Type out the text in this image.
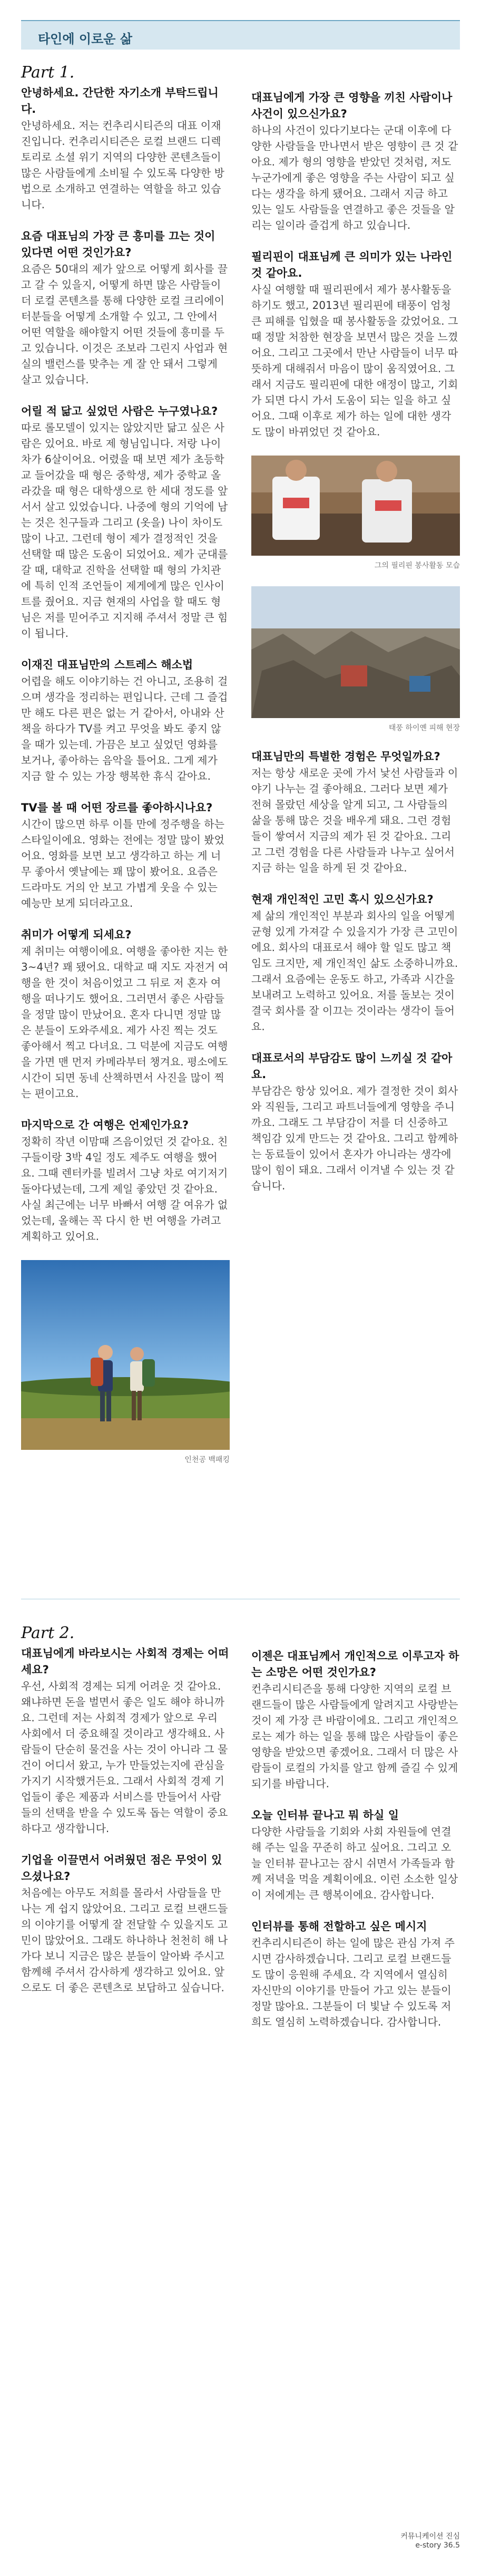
타인에 이로운 삶

Part 1.

안녕하세요. 간단한 자기소개 부탁드립니다.

안녕하세요. 저는 컨추리시티즌의 대표 이재진입니다. 컨추리시티즌은 로컬 브랜드 디렉토리로 소셜 위기 지역의 다양한 콘텐츠들이 많은 사람들에게 소비될 수 있도록 다양한 방법으로 소개하고 연결하는 역할을 하고 있습니다.

요즘 대표님의 가장 큰 흥미를 끄는 것이 있다면 어떤 것인가요?

요즘은 50대의 제가 앞으로 어떻게 회사를 끌고 갈 수 있을지, 어떻게 하면 많은 사람들이 더 로컬 콘텐츠를 통해 다양한 로컬 크리에이터분들을 어떻게 소개할 수 있고, 그 안에서 어떤 역할을 해야할지 어떤 것들에 흥미를 두고 있습니다. 이것은 조보라 그린지 사업과 현실의 밸런스를 맞추는 게 잘 안 돼서 그렇게 살고 있습니다.

어릴 적 닮고 싶었던 사람은 누구였나요?

따로 롤모델이 있지는 않았지만 닮고 싶은 사람은 있어요. 바로 제 형님입니다. 저랑 나이차가 6살이어요. 어렸을 때 보면 제가 초등학교 들어갔을 때 형은 중학생, 제가 중학교 올라갔을 때 형은 대학생으로 한 세대 정도를 앞서서 살고 있었습니다. 나중에 형의 기억에 남는 것은 친구들과 그리고 (옷을) 나이 차이도 많이 나고. 그런데 형이 제가 결정적인 것을 선택할 때 많은 도움이 되었어요. 제가 군대를 갈 때, 대학교 진학을 선택할 때 형의 가치관에 특히 인적 조언들이 제게에게 많은 인사이트를 줬어요. 지금 현재의 사업을 할 때도 형님은 저를 믿어주고 지지해 주셔서 정말 큰 힘이 됩니다.

이재진 대표님만의 스트레스 해소법

어렵을 해도 이야기하는 건 아니고, 조용히 걸으며 생각을 정리하는 편입니다. 근데 그 즐겁 만 해도 다른 편은 없는 거 같아서, 아내와 산책을 하다가 TV를 켜고 무엇을 봐도 좋지 않을 때가 있는데. 가끔은 보고 싶었던 영화를 보거나, 좋아하는 음악을 틀어요. 그게 제가 지금 할 수 있는 가장 행복한 휴식 같아요.

TV를 볼 때 어떤 장르를 좋아하시나요?

시간이 많으면 하루 이틀 만에 정주행을 하는 스타일이에요. 영화는 전에는 정말 많이 봤었어요. 영화를 보면 보고 생각하고 하는 게 너무 좋아서 옛날에는 꽤 많이 봤어요. 요즘은 드라마도 거의 안 보고 가볍게 웃을 수 있는 예능만 보게 되더라고요.

취미가 어떻게 되세요?

제 취미는 여행이에요. 여행을 좋아한 지는 한 3~4년? 꽤 됐어요. 대학교 때 지도 자전거 여행을 한 것이 처음이었고 그 뒤로 저 혼자 여행을 떠나기도 했어요. 그러면서 좋은 사람들을 정말 많이 만났어요. 혼자 다니면 정말 많은 분들이 도와주세요. 제가 사진 찍는 것도 좋아해서 찍고 다녀요. 그 덕분에 지금도 여행을 가면 맨 먼저 카메라부터 챙겨요. 평소에도 시간이 되면 동네 산책하면서 사진을 많이 찍는 편이고요.

마지막으로 간 여행은 언제인가요?

정확히 작년 이맘때 즈음이었던 것 같아요. 친구들이랑 3박 4일 정도 제주도 여행을 했어요. 그때 렌터카를 빌려서 그냥 차로 여기저기 돌아다녔는데, 그게 제일 좋았던 것 같아요. 사실 최근에는 너무 바빠서 여행 갈 여유가 없었는데, 올해는 꼭 다시 한 번 여행을 가려고 계획하고 있어요.

인천공 백패킹

대표님에게 가장 큰 영향을 끼친 사람이나 사건이 있으신가요?

하나의 사건이 있다기보다는 군대 이후에 다양한 사람들을 만나면서 받은 영향이 큰 것 같아요. 제가 형의 영향을 받았던 것처럼, 저도 누군가에게 좋은 영향을 주는 사람이 되고 싶다는 생각을 하게 됐어요. 그래서 지금 하고 있는 일도 사람들을 연결하고 좋은 것들을 알리는 일이라 즐겁게 하고 있습니다.

필리핀이 대표님께 큰 의미가 있는 나라인 것 같아요.

사실 여행할 때 필리핀에서 제가 봉사활동을 하기도 했고, 2013년 필리핀에 태풍이 엄청 큰 피해를 입혔을 때 봉사활동을 갔었어요. 그때 정말 처참한 현장을 보면서 많은 것을 느꼈어요. 그리고 그곳에서 만난 사람들이 너무 따뜻하게 대해줘서 마음이 많이 움직였어요. 그래서 지금도 필리핀에 대한 애정이 많고, 기회가 되면 다시 가서 도움이 되는 일을 하고 싶어요. 그때 이후로 제가 하는 일에 대한 생각도 많이 바뀌었던 것 같아요.

그의 필리핀 봉사활동 모습

태풍 하이옌 피해 현장

대표님만의 특별한 경험은 무엇일까요?

저는 항상 새로운 곳에 가서 낯선 사람들과 이야기 나누는 걸 좋아해요. 그러다 보면 제가 전혀 몰랐던 세상을 알게 되고, 그 사람들의 삶을 통해 많은 것을 배우게 돼요. 그런 경험들이 쌓여서 지금의 제가 된 것 같아요. 그리고 그런 경험을 다른 사람들과 나누고 싶어서 지금 하는 일을 하게 된 것 같아요.

현재 개인적인 고민 혹시 있으신가요?

제 삶의 개인적인 부분과 회사의 일을 어떻게 균형 있게 가져갈 수 있을지가 가장 큰 고민이에요. 회사의 대표로서 해야 할 일도 많고 책임도 크지만, 제 개인적인 삶도 소중하니까요. 그래서 요즘에는 운동도 하고, 가족과 시간을 보내려고 노력하고 있어요. 저를 돌보는 것이 결국 회사를 잘 이끄는 것이라는 생각이 들어요.

대표로서의 부담감도 많이 느끼실 것 같아요.

부담감은 항상 있어요. 제가 결정한 것이 회사와 직원들, 그리고 파트너들에게 영향을 주니까요. 그래도 그 부담감이 저를 더 신중하고 책임감 있게 만드는 것 같아요. 그리고 함께하는 동료들이 있어서 혼자가 아니라는 생각에 많이 힘이 돼요. 그래서 이겨낼 수 있는 것 같습니다.

Part 2.

대표님에게 바라보시는 사회적 경제는 어떠세요?

우선, 사회적 경제는 되게 어려운 것 같아요. 왜냐하면 돈을 벌면서 좋은 일도 해야 하니까요. 그런데 저는 사회적 경제가 앞으로 우리 사회에서 더 중요해질 것이라고 생각해요. 사람들이 단순히 물건을 사는 것이 아니라 그 물건이 어디서 왔고, 누가 만들었는지에 관심을 가지기 시작했거든요. 그래서 사회적 경제 기업들이 좋은 제품과 서비스를 만들어서 사람들의 선택을 받을 수 있도록 돕는 역할이 중요하다고 생각합니다.

기업을 이끌면서 어려웠던 점은 무엇이 있으셨나요?

처음에는 아무도 저희를 몰라서 사람들을 만나는 게 쉽지 않았어요. 그리고 로컬 브랜드들의 이야기를 어떻게 잘 전달할 수 있을지도 고민이 많았어요. 그래도 하나하나 천천히 해 나가다 보니 지금은 많은 분들이 알아봐 주시고 함께해 주셔서 감사하게 생각하고 있어요. 앞으로도 더 좋은 콘텐츠로 보답하고 싶습니다.

이젠은 대표님께서 개인적으로 이루고자 하는 소망은 어떤 것인가요?

컨추리시티즌을 통해 다양한 지역의 로컬 브랜드들이 많은 사람들에게 알려지고 사랑받는 것이 제 가장 큰 바람이에요. 그리고 개인적으로는 제가 하는 일을 통해 많은 사람들이 좋은 영향을 받았으면 좋겠어요. 그래서 더 많은 사람들이 로컬의 가치를 알고 함께 즐길 수 있게 되기를 바랍니다.

오늘 인터뷰 끝나고 뭐 하실 일

다양한 사람들을 기회와 사회 자원들에 연결해 주는 일을 꾸준히 하고 싶어요. 그리고 오늘 인터뷰 끝나고는 잠시 쉬면서 가족들과 함께 저녁을 먹을 계획이에요. 이런 소소한 일상이 저에게는 큰 행복이에요. 감사합니다.

인터뷰를 통해 전할하고 싶은 메시지

컨추리시티즌이 하는 일에 많은 관심 가져 주시면 감사하겠습니다. 그리고 로컬 브랜드들도 많이 응원해 주세요. 각 지역에서 열심히 자신만의 이야기를 만들어 가고 있는 분들이 정말 많아요. 그분들이 더 빛날 수 있도록 저희도 열심히 노력하겠습니다. 감사합니다.

커뮤니케이션 진심
e-story 36.5
